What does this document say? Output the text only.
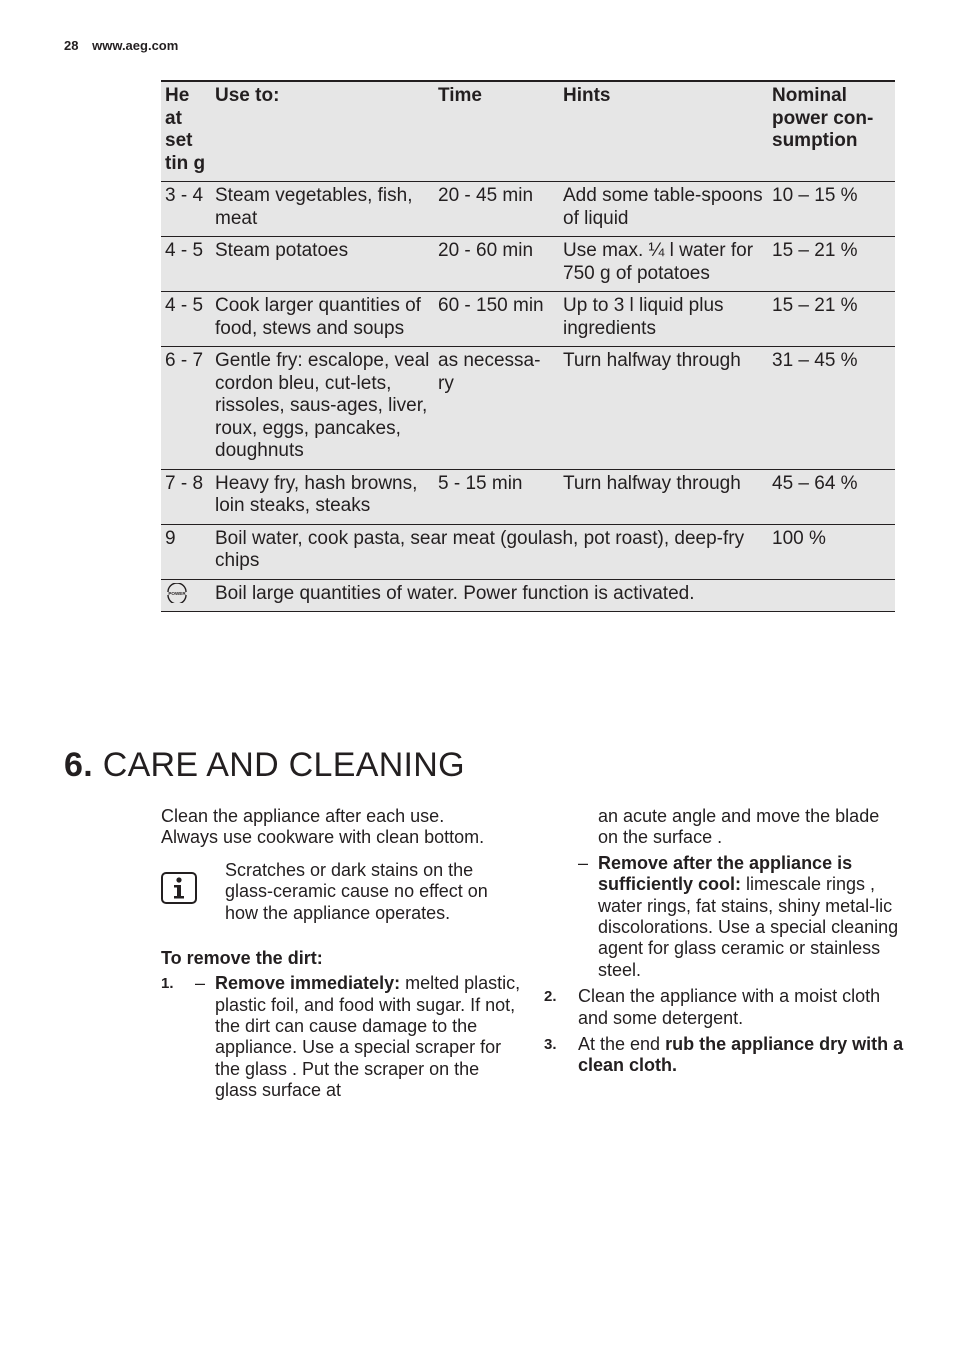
28 www.aeg.com
He at set tin g	Use to:	Time	Hints	Nominal power con-sumption
3 - 4	Steam vegetables, fish, meat	20 - 45 min	Add some table-spoons of liquid	10 – 15 %
4 - 5	Steam potatoes	20 - 60 min	Use max. ¼ l water for 750 g of potatoes	15 – 21 %
4 - 5	Cook larger quantities of food, stews and soups	60 - 150 min	Up to 3 l liquid plus ingredients	15 – 21 %
6 - 7	Gentle fry: escalope, veal cordon bleu, cut-lets, rissoles, saus-ages, liver, roux, eggs, pancakes, doughnuts	as necessa-ry	Turn halfway through	31 – 45 %
7 - 8	Heavy fry, hash browns, loin steaks, steaks	5 - 15 min	Turn halfway through	45 – 64 %
9	Boil water, cook pasta, sear meat (goulash, pot roast), deep-fry chips			100 %

POWER	Boil large quantities of water. Power function is activated.			
6. CARE AND CLEANING

Clean the appliance after each use.

Always use cookware with clean bottom.

Scratches or dark stains on the glass-ceramic cause no effect on how the appliance operates.

To remove the dirt:

1. – Remove immediately: melted plastic, plastic foil, and food with sugar. If not, the dirt can cause damage to the appliance. Use a special scraper for the glass . Put the scraper on the glass surface at
an acute angle and move the blade on the surface .
– Remove after the appliance is sufficiently cool: limescale rings , water rings, fat stains, shiny metal-lic discolorations. Use a special cleaning agent for glass ceramic or stainless steel.
2. Clean the appliance with a moist cloth and some detergent.
3. At the end rub the appliance dry with a clean cloth.
